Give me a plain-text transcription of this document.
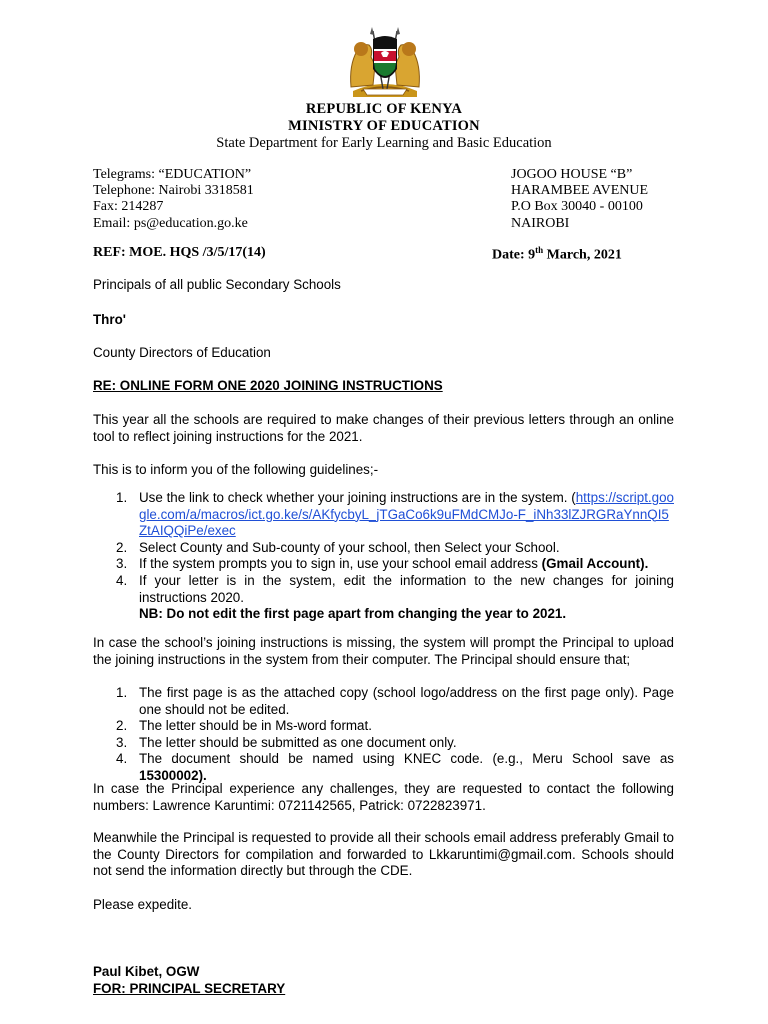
REPUBLIC OF KENYA
MINISTRY OF EDUCATION
State Department for Early Learning and Basic Education
Telegrams: “EDUCATION”
Telephone: Nairobi 3318581
Fax: 214287
Email: ps@education.go.ke
JOGOO HOUSE “B”
HARAMBEE AVENUE
P.O Box 30040 - 00100
NAIROBI
REF: MOE. HQS /3/5/17(14)	Date: 9th March, 2021
Principals of all public Secondary Schools
Thro'
County Directors of Education
RE: ONLINE FORM ONE 2020 JOINING INSTRUCTIONS
This year all the schools are required to make changes of their previous letters through an online tool to reflect joining instructions for the 2021.
This is to inform you of the following guidelines;-
1. Use the link to check whether your joining instructions are in the system. (https://script.google.com/a/macros/ict.go.ke/s/AKfycbyL_jTGaCo6k9uFMdCMJo-F_iNh33lZJRGRaYnnQI5ZtAIQQiPe/exec
2. Select County and Sub-county of your school, then Select your School.
3. If the system prompts you to sign in, use your school email address (Gmail Account).
4. If your letter is in the system, edit the information to the new changes for joining instructions 2020.
NB: Do not edit the first page apart from changing the year to 2021.
In case the school’s joining instructions is missing, the system will prompt the Principal to upload the joining instructions in the system from their computer. The Principal should ensure that;
1. The first page is as the attached copy (school logo/address on the first page only). Page one should not be edited.
2. The letter should be in Ms-word format.
3. The letter should be submitted as one document only.
4. The document should be named using KNEC code. (e.g., Meru School save as 15300002).
In case the Principal experience any challenges, they are requested to contact the following numbers: Lawrence Karuntimi: 0721142565, Patrick: 0722823971.
Meanwhile the Principal is requested to provide all their schools email address preferably Gmail to the County Directors for compilation and forwarded to Lkkaruntimi@gmail.com. Schools should not send the information directly but through the CDE.
Please expedite.
Paul Kibet, OGW
FOR: PRINCIPAL SECRETARY
